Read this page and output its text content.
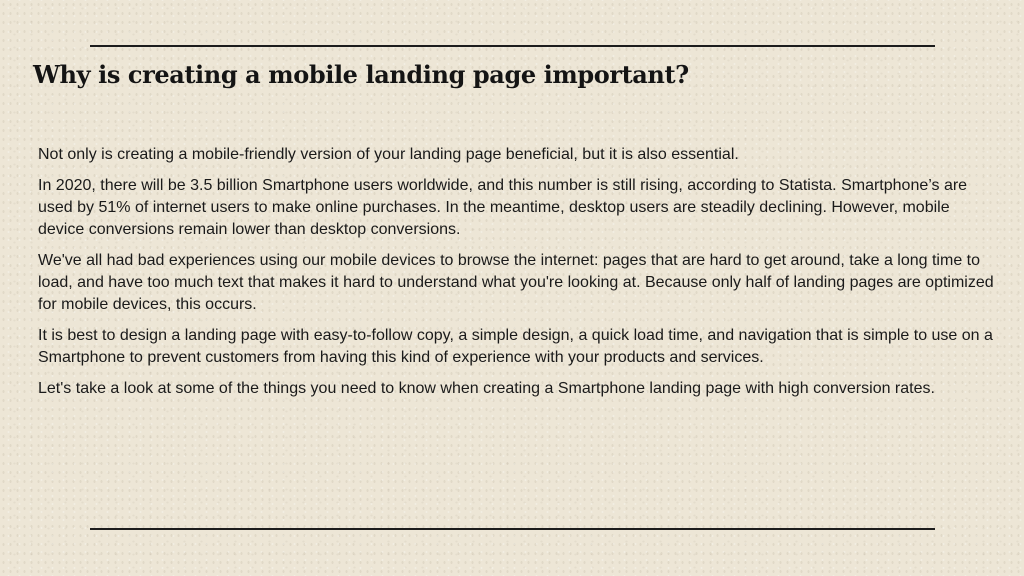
Why is creating a mobile landing page important?

Not only is creating a mobile-friendly version of your landing page beneficial, but it is also essential.

In 2020, there will be 3.5 billion Smartphone users worldwide, and this number is still rising, according to Statista. Smartphone’s are used by 51% of internet users to make online purchases. In the meantime, desktop users are steadily declining. However, mobile device conversions remain lower than desktop conversions.

We've all had bad experiences using our mobile devices to browse the internet: pages that are hard to get around, take a long time to load, and have too much text that makes it hard to understand what you're looking at. Because only half of landing pages are optimized for mobile devices, this occurs.

It is best to design a landing page with easy-to-follow copy, a simple design, a quick load time, and navigation that is simple to use on a Smartphone to prevent customers from having this kind of experience with your products and services.

Let's take a look at some of the things you need to know when creating a Smartphone landing page with high conversion rates.
